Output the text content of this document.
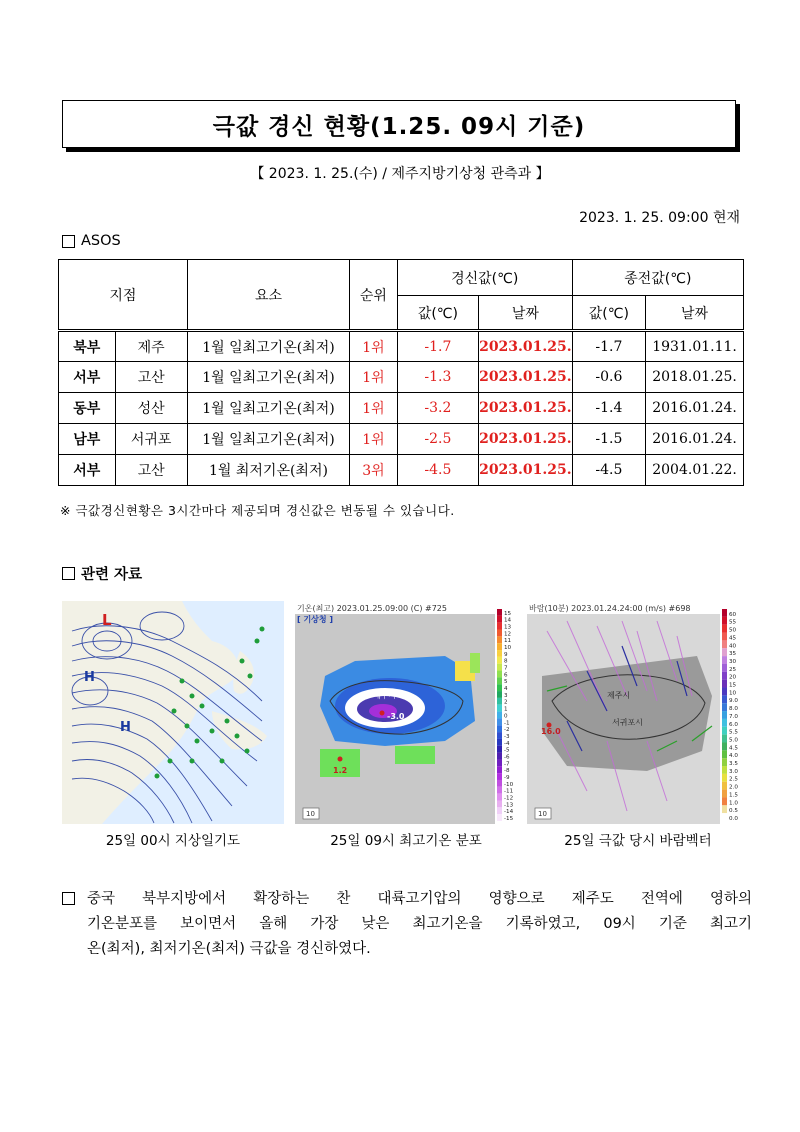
극값 경신 현황(1.25. 09시 기준)
【 2023. 1. 25.(수) / 제주지방기상청 관측과 】
2023. 1. 25. 09:00 현재
ASOS
지점		요소	순위	경신값(℃)		종전값(℃)	
				값(℃)	날짜	값(℃)	날짜
북부	제주	1월 일최고기온(최저)	1위	-1.7	2023.01.25.	-1.7	1931.01.11.
서부	고산	1월 일최고기온(최저)	1위	-1.3	2023.01.25.	-0.6	2018.01.25.
동부	성산	1월 일최고기온(최저)	1위	-3.2	2023.01.25.	-1.4	2016.01.24.
남부	서귀포	1월 일최고기온(최저)	1위	-2.5	2023.01.25.	-1.5	2016.01.24.
서부	고산	1월 최저기온(최저)	3위	-4.5	2023.01.25.	-4.5	2004.01.22.
※ 극값경신현황은 3시간마다 제공되며 경신값은 변동될 수 있습니다.
관련 자료
L
H
H
25일 00시 지상일기도
기온(최고) 2023.01.25.09:00 (C) #725
[ 기상청 ]
제주시
-3.0
1.2
10
15
14
13
12
11
10
9
8
7
6
5
4
3
2
1
0
-1
-2
-3
-4
-5
-6
-7
-8
-9
-10
-11
-12
-13
-14
-15
25일 09시 최고기온 분포
바람(10분) 2023.01.24.24:00 (m/s) #698
제주시
서귀포시
16.0
10
60
55
50
45
40
35
30
25
20
15
10
9.0
8.0
7.0
6.0
5.5
5.0
4.5
4.0
3.5
3.0
2.5
2.0
1.5
1.0
0.5
0.0
25일 극값 당시 바람벡터
중국 북부지방에서 확장하는 찬 대륙고기압의 영향으로 제주도 전역에 영하의
기온분포를 보이면서 올해 가장 낮은 최고기온을 기록하였고, 09시 기준 최고기
온(최저), 최저기온(최저) 극값을 경신하였다.
